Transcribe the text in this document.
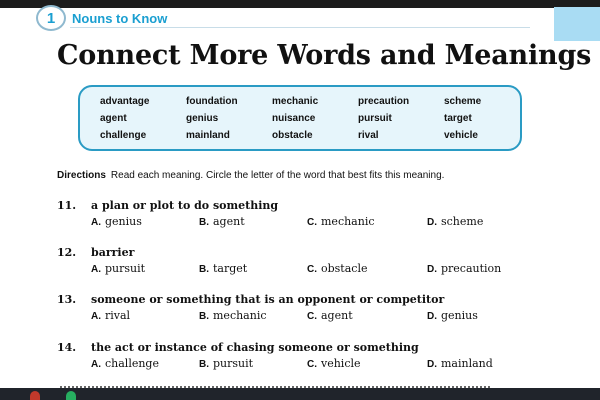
1	Nouns to Know
Connect More Words and Meanings
advantage	foundation	mechanic	precaution	scheme
agent	genius	nuisance	pursuit	target
challenge	mainland	obstacle	rival	vehicle
Directions Read each meaning. Circle the letter of the word that best fits this meaning.
11.	a plan or plot to do something
A. genius	B. agent	C. mechanic	D. scheme
12.	barrier
A. pursuit	B. target	C. obstacle	D. precaution
13.	someone or something that is an opponent or competitor
A. rival	B. mechanic	C. agent	D. genius
14.	the act or instance of chasing someone or something
A. challenge	B. pursuit	C. vehicle	D. mainland
